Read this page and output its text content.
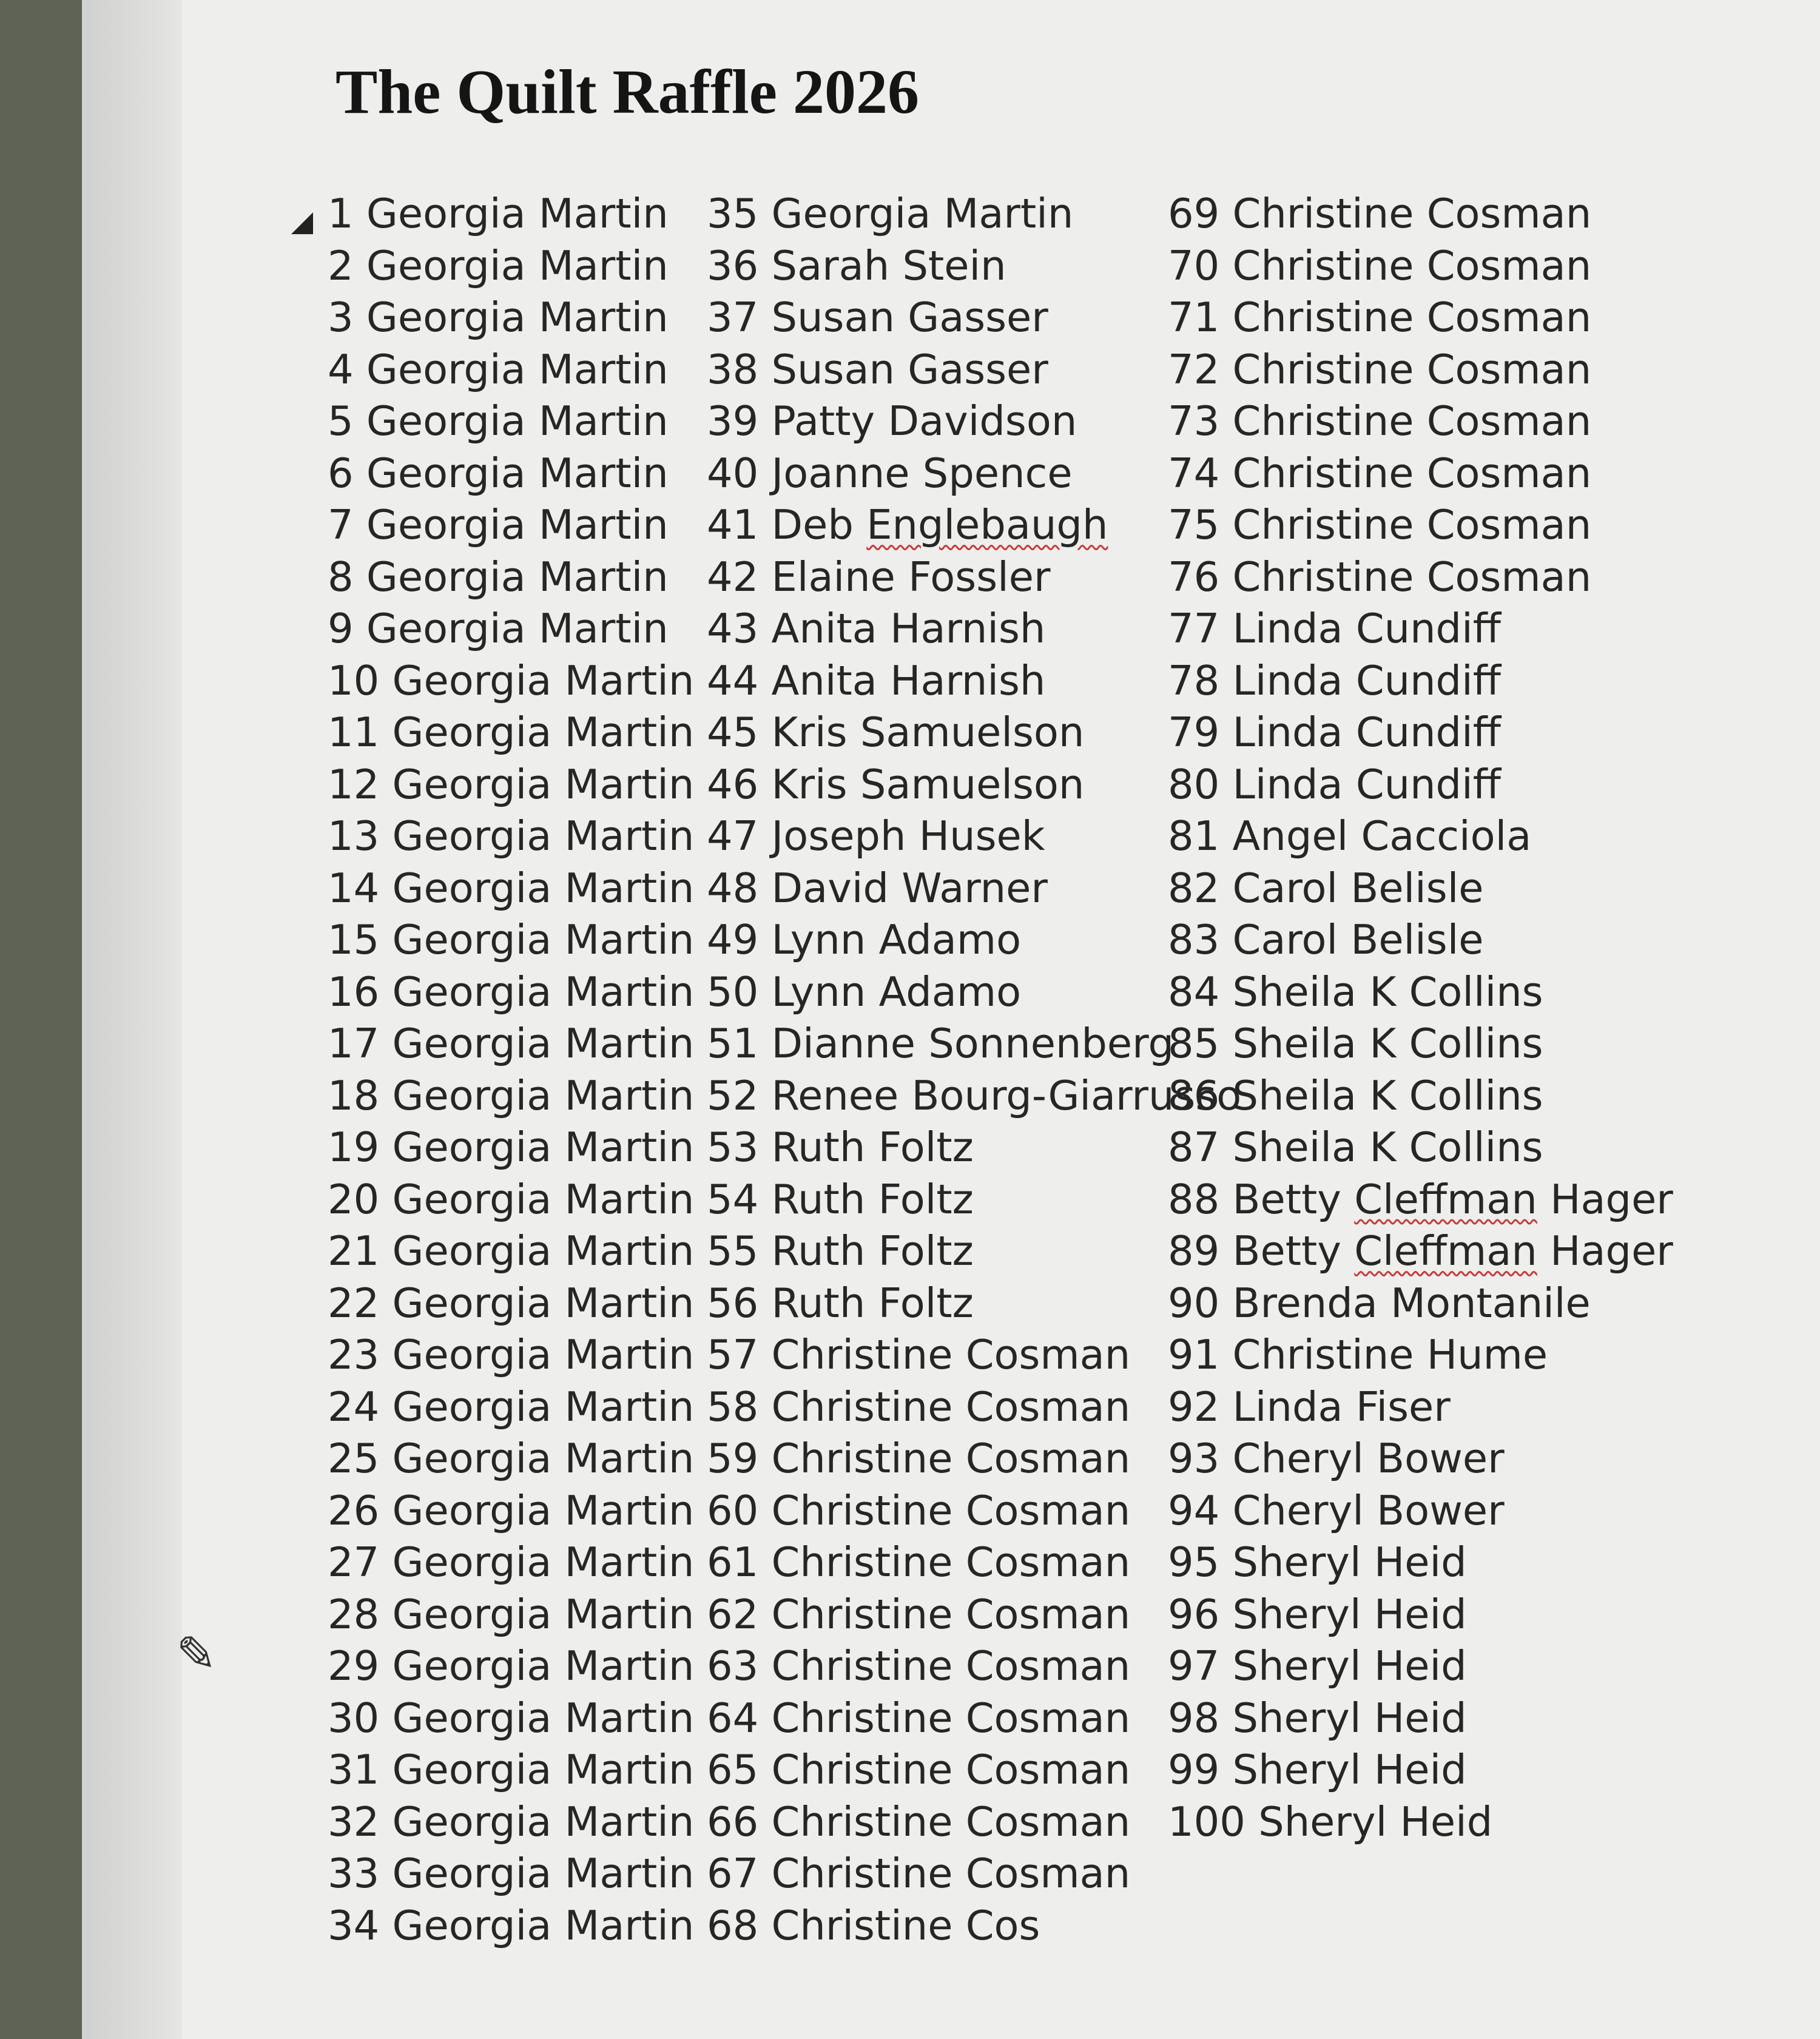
The Quilt Raffle 2026
✎
1 Georgia Martin
2 Georgia Martin
3 Georgia Martin
4 Georgia Martin
5 Georgia Martin
6 Georgia Martin
7 Georgia Martin
8 Georgia Martin
9 Georgia Martin
10 Georgia Martin
11 Georgia Martin
12 Georgia Martin
13 Georgia Martin
14 Georgia Martin
15 Georgia Martin
16 Georgia Martin
17 Georgia Martin
18 Georgia Martin
19 Georgia Martin
20 Georgia Martin
21 Georgia Martin
22 Georgia Martin
23 Georgia Martin
24 Georgia Martin
25 Georgia Martin
26 Georgia Martin
27 Georgia Martin
28 Georgia Martin
29 Georgia Martin
30 Georgia Martin
31 Georgia Martin
32 Georgia Martin
33 Georgia Martin
34 Georgia Martin
35 Georgia Martin
36 Sarah Stein
37 Susan Gasser
38 Susan Gasser
39 Patty Davidson
40 Joanne Spence
41 Deb Englebaugh
42 Elaine Fossler
43 Anita Harnish
44 Anita Harnish
45 Kris Samuelson
46 Kris Samuelson
47 Joseph Husek
48 David Warner
49 Lynn Adamo
50 Lynn Adamo
51 Dianne Sonnenberg
52 Renee Bourg-Giarrusso
53 Ruth Foltz
54 Ruth Foltz
55 Ruth Foltz
56 Ruth Foltz
57 Christine Cosman
58 Christine Cosman
59 Christine Cosman
60 Christine Cosman
61 Christine Cosman
62 Christine Cosman
63 Christine Cosman
64 Christine Cosman
65 Christine Cosman
66 Christine Cosman
67 Christine Cosman
68 Christine Cos
69 Christine Cosman
70 Christine Cosman
71 Christine Cosman
72 Christine Cosman
73 Christine Cosman
74 Christine Cosman
75 Christine Cosman
76 Christine Cosman
77 Linda Cundiff
78 Linda Cundiff
79 Linda Cundiff
80 Linda Cundiff
81 Angel Cacciola
82 Carol Belisle
83 Carol Belisle
84 Sheila K Collins
85 Sheila K Collins
86 Sheila K Collins
87 Sheila K Collins
88 Betty Cleffman Hager
89 Betty Cleffman Hager
90 Brenda Montanile
91 Christine Hume
92 Linda Fiser
93 Cheryl Bower
94 Cheryl Bower
95 Sheryl Heid
96 Sheryl Heid
97 Sheryl Heid
98 Sheryl Heid
99 Sheryl Heid
100 Sheryl Heid
